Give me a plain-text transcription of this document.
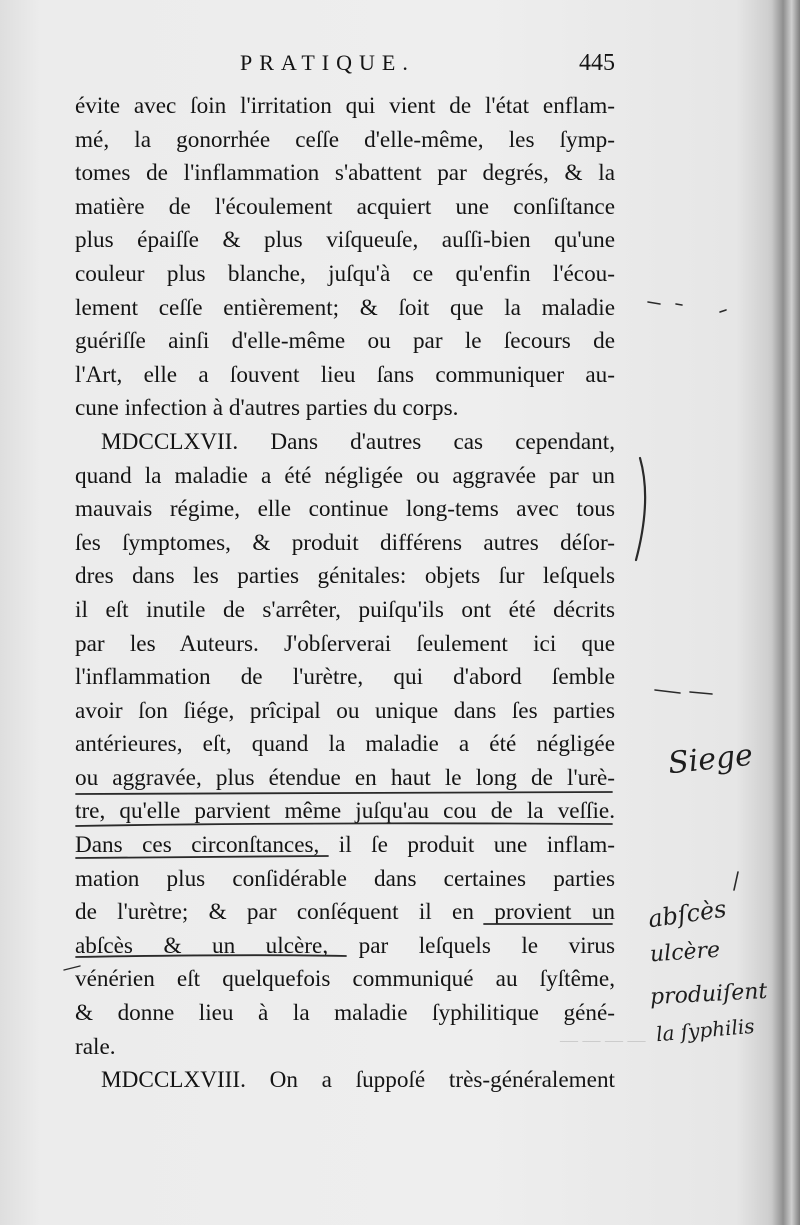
PRATIQUE.	445
évite avec ſoin l'irritation qui vient de l'état enflam-
mé, la gonorrhée ceſſe d'elle-même, les ſymp-
tomes de l'inflammation s'abattent par degrés, & la
matière de l'écoulement acquiert une conſiſtance
plus épaiſſe & plus viſqueuſe, auſſi-bien qu'une
couleur plus blanche, juſqu'à ce qu'enfin l'écou-
lement ceſſe entièrement; & ſoit que la maladie
guériſſe ainſi d'elle-même ou par le ſecours de
l'Art, elle a ſouvent lieu ſans communiquer au-
cune infection à d'autres parties du corps.
MDCCLXVII. Dans d'autres cas cependant,
quand la maladie a été négligée ou aggravée par un
mauvais régime, elle continue long-tems avec tous
ſes ſymptomes, & produit différens autres déſor-
dres dans les parties génitales: objets ſur leſquels
il eſt inutile de s'arrêter, puiſqu'ils ont été décrits
par les Auteurs. J'obſerverai ſeulement ici que
l'inflammation de l'urètre, qui d'abord ſemble
avoir ſon ſiége, prîcipal ou unique dans ſes parties
antérieures, eſt, quand la maladie a été négligée
ou aggravée, plus étendue en haut le long de l'urè-
tre, qu'elle parvient même juſqu'au cou de la veſſie.
Dans ces circonſtances, il ſe produit une inflam-
mation plus conſidérable dans certaines parties
de l'urètre; & par conſéquent il en provient un
abſcès & un ulcère, par leſquels le virus
vénérien eſt quelquefois communiqué au ſyſtême,
& donne lieu à la maladie ſyphilitique géné-
rale.
MDCCLXVIII. On a ſuppoſé très-généralement
Siege
abſcès
ulcère
produiſent
la ſyphilis
— — — —
